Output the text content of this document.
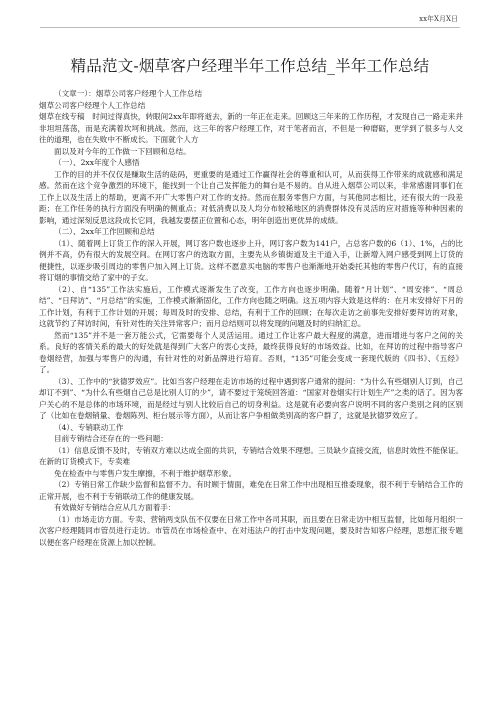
xx年X月X日
精品范文-烟草客户经理半年工作总结_半年工作总结

（文章一）：烟草公司客户经理个人工作总结

烟草公司客户经理个人工作总结

烟草在线专稿　时间过得真快，转眼间2xx年即将逝去，新的一年正在走来。回顾这三年来的工作历程，才发现自己一路走来并非坦坦荡荡，而是充满着坎坷和挑战。然而，这三年的客户经理工作，对于笔者而言，不但是一种磨砺，更学到了很多与人交往的道理，也在失败中不断成长。下面就个人方

面以及对今年的工作做一下回顾和总结。

（一）、2xx年度个人感悟

工作的目的并不仅仅是赚取生活的砝码，更重要的是通过工作赢得社会的尊重和认可，从而获得工作带来的成就感和满足感。然而在这个竞争激烈的环境下，能找到一个让自己发挥能力的舞台是不易的。自从进入烟草公司以来，非常感谢同事们在工作上以及生活上的帮助，更离不开广大零售户对工作的支持。然而在服务零售户方面，与其他同志相比，还有很大的一段差距；在工作任务的执行方面没有明确的侧重点；对低消费以及人均分布较稀地区的消费群体没有灵活的应对措施等种种因素的影响，通过深刻反思这段成长它同，我越发要摆正位置和心态，明年创造出更优异的成绩。

（二）、2xx年工作回顾和总结

（1）、随着网上订货工作的深入开展，网订客户数也逐步上升，网订客户数为141户，占总客户数的6（1）、1%，占的比例并不高，仍有很大的发展空间。在网订客户的选取方面，主要先从乡镇街道及主干道入手，让新增入网户感受到网上订货的便捷性，以逐步吸引周边的零售户加入网上订货。这样不愿意买电脑的零售户也渐渐地开始委托其他的零售户代订，有的直接将订烟的事情交给了家中的子女。

（2）、自“135”工作法实施后，工作模式逐渐发生了改变，工作方向也逐步明确。随着“月计划”、“周安排”、“周总结”、“日拜访”、“月总结”的实施，工作模式渐渐固化，工作方向也随之明确。这五项内容大致是这样的：在月末安排好下月的工作计划，有利于工作计划的开展；每周及时的安排、总结，有利于工作的回顾；在每次走访之前事先安排好要拜访的对象，这就节约了拜访时间，有针对性的关注异常客户；而月总结则可以将发现的问题及时的归纳汇总。

然而“135”并不是一套万能公式，它需要每个人灵活运用。通过工作让客户最大程度的满意，进而增进与客户之间的关系。良好的客情关系的最大的好处就是得到广大客户的衷心支持，最终获得良好的市场效益。比如，在拜访的过程中指导客户卷烟经营，加强与零售户的沟通，有针对性的对新品牌进行培育。否则，“135”可能会变成一套现代版的《四书》、《五经》了。

（3）、工作中的“狄德罗效应”。比如当客户经理在走访市场的过程中遇到客户通常的提问：“为什么有些烟别人订到，自己却订不到”、“为什么有些烟自己总是比别人订的少”，请不要过于笼统回答道：“国家对卷烟实行计划生产”之类的话了。因为客户关心的不是总体的市场环境，而是经过与别人比较后自己的切身利益。这是就有必要向客户说明不同的客户类别之间的区别了（比如在卷烟销量、卷烟陈列、柜台展示等方面），从而让客户争相做类别高的客户群了，这就是狄德罗效应了。

（4）、专销联动工作

目前专销结合还存在的一些问题：

（1）信息反馈不及时，专销双方难以达成全面的共识，专销结合效果不理想。三员缺少直接交流，信息时效性不能保证。在新的订货模式下，专卖难

免在检查中与零售户发生摩擦，不利于维护烟草形象。

（2）专销日常工作缺少监督和监督不力。有时顾于情面，难免在日常工作中出现相互推委现象，很不利于专销结合工作的正常开展，也不利于专销联动工作的健康发展。

有效做好专销结合应从几方面着手：

（1）市场走访方面。专卖、营销两支队伍不仅要在日常工作中各司其职，而且要在日常走访中相互监督，比如每月组织一次客户经理随同市管员进行走访。市管员在市场检查中、在对违法户的打击中发现问题，要及时告知客户经理，思想汇报专题以便在客户经理在货源上加以控制。
